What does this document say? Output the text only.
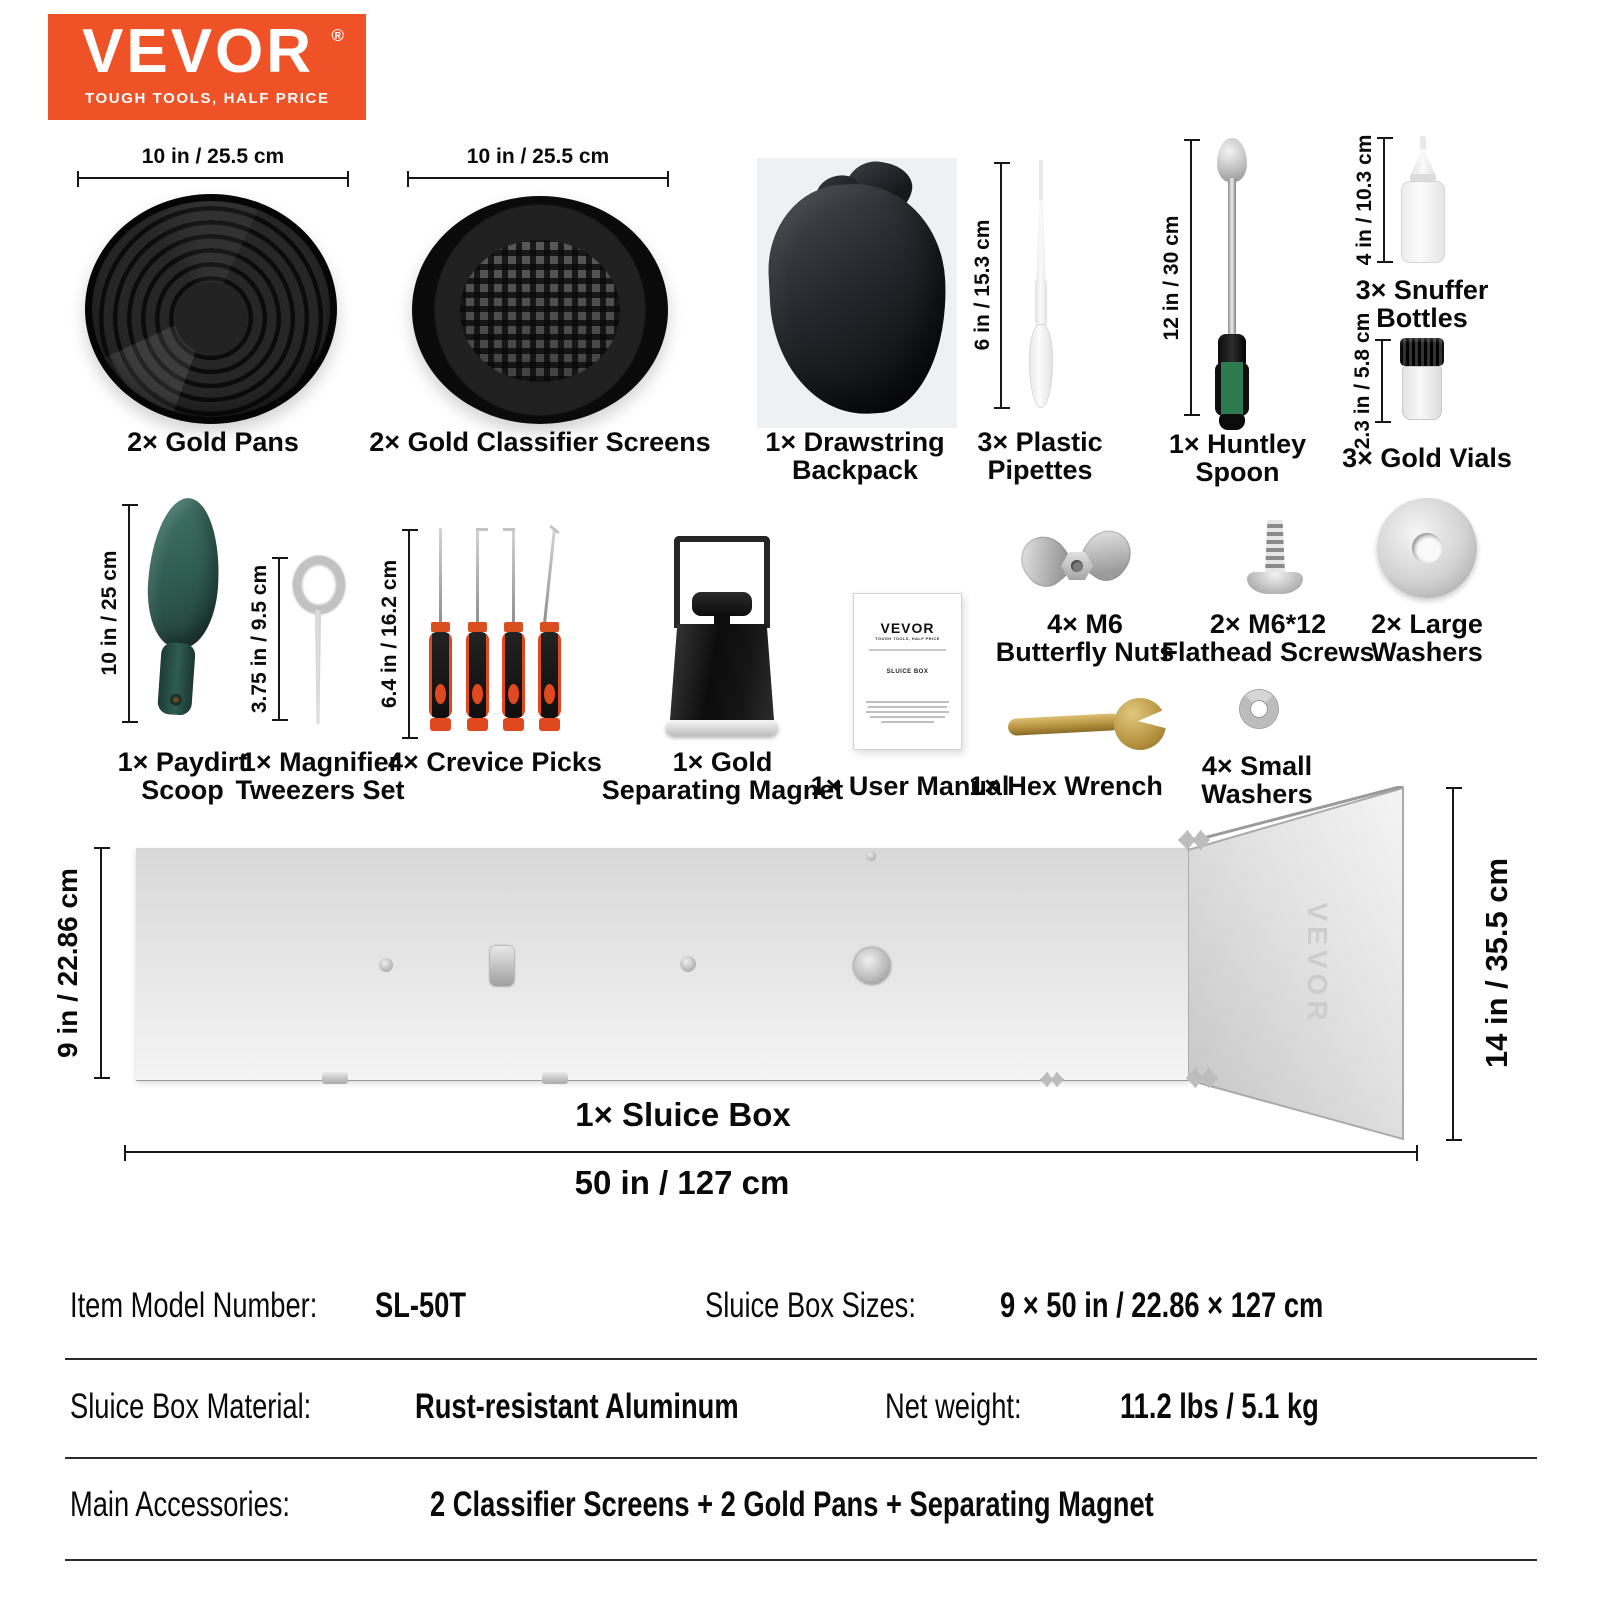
VEVOR ®
TOUGH TOOLS, HALF PRICE
10 in / 25.5 cm
2× Gold Pans
10 in / 25.5 cm
2× Gold Classifier Screens	1× Drawstring
Backpack
6 in / 15.3 cm
3× Plastic
Pipettes
12 in / 30 cm
1× Huntley
Spoon
4 in / 10.3 cm
3× Snuffer
Bottles
2.3 in / 5.8 cm
3× Gold Vials
10 in / 25 cm
1× Paydirt
Scoop
3.75 in / 9.5 cm
1× Magnifier
Tweezers Set
6.4 in / 16.2 cm
4× Crevice Picks	1× Gold
Separating Magnet
VEVOR
TOUGH TOOLS, HALF PRICE
SLUICE BOX
1× User Manual
4× M6
Butterfly Nuts
2× M6*12
Flathead Screws
2× Large
Washers
1× Hex Wrench
4× Small
Washers
9 in / 22.86 cm	VEVOR	14 in / 35.5 cm
1× Sluice Box
50 in / 127 cm
Item Model Number: SL-50T	Sluice Box Sizes: 9 × 50 in / 22.86 × 127 cm
Sluice Box Material:	Rust-resistant Aluminum	Net weight:	11.2 lbs / 5.1 kg
Main Accessories:	2 Classifier Screens + 2 Gold Pans + Separating Magnet
